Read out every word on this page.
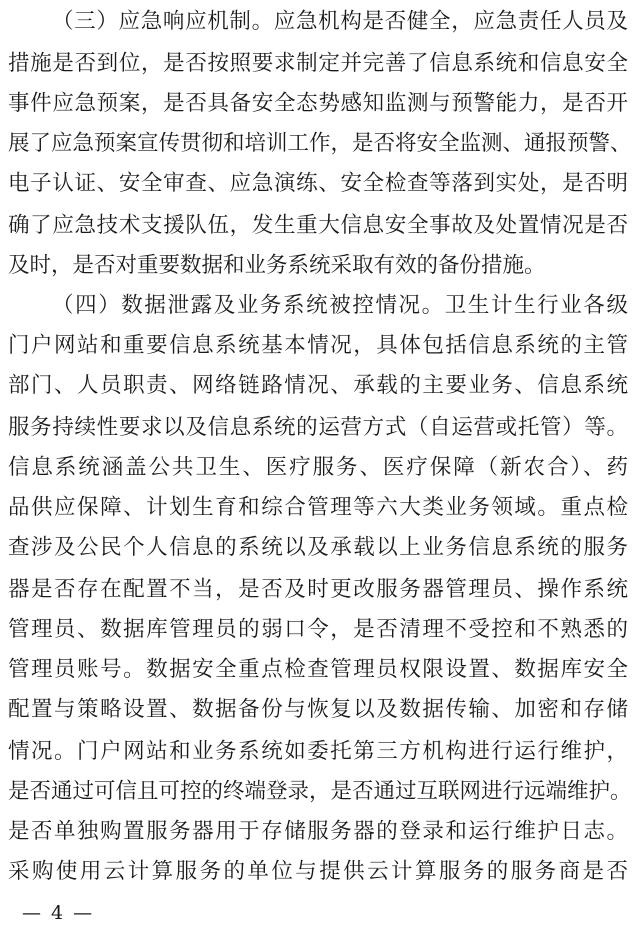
（三）应急响应机制。应急机构是否健全，应急责任人员及
措施是否到位，是否按照要求制定并完善了信息系统和信息安全
事件应急预案，是否具备安全态势感知监测与预警能力，是否开
展了应急预案宣传贯彻和培训工作，是否将安全监测、通报预警、
电子认证、安全审查、应急演练、安全检查等落到实处，是否明
确了应急技术支援队伍，发生重大信息安全事故及处置情况是否
及时，是否对重要数据和业务系统采取有效的备份措施。
（四）数据泄露及业务系统被控情况。卫生计生行业各级
门户网站和重要信息系统基本情况，具体包括信息系统的主管
部门、人员职责、网络链路情况、承载的主要业务、信息系统
服务持续性要求以及信息系统的运营方式（自运营或托管）等。
信息系统涵盖公共卫生、医疗服务、医疗保障（新农合）、药
品供应保障、计划生育和综合管理等六大类业务领域。重点检
查涉及公民个人信息的系统以及承载以上业务信息系统的服务
器是否存在配置不当，是否及时更改服务器管理员、操作系统
管理员、数据库管理员的弱口令，是否清理不受控和不熟悉的
管理员账号。数据安全重点检查管理员权限设置、数据库安全
配置与策略设置、数据备份与恢复以及数据传输、加密和存储
情况。门户网站和业务系统如委托第三方机构进行运行维护，
是否通过可信且可控的终端登录，是否通过互联网进行远端维护。
是否单独购置服务器用于存储服务器的登录和运行维护日志。
采购使用云计算服务的单位与提供云计算服务的服务商是否
— 4 —
